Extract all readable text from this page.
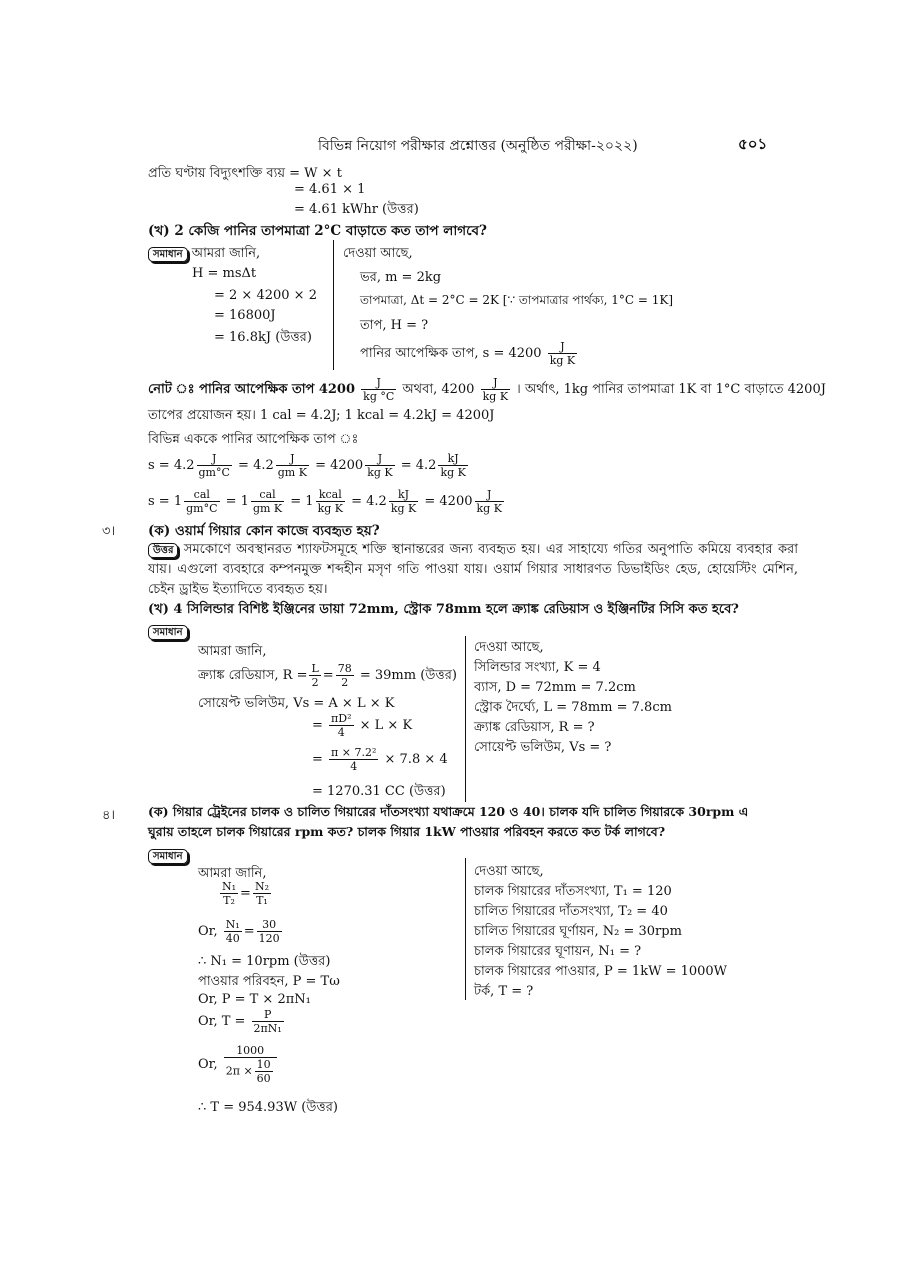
বিভিন্ন নিয়োগ পরীক্ষার প্রশ্নোত্তর (অনুষ্ঠিত পরীক্ষা-২০২২)	৫০১
প্রতি ঘণ্টায় বিদ্যুৎশক্তি ব্যয় = W × t
= 4.61 × 1
= 4.61 kWhr (উত্তর)
(খ) 2 কেজি পানির তাপমাত্রা 2°C বাড়াতে কত তাপ লাগবে?
সমাধান আমরা জানি,
H = msΔt
= 2 × 4200 × 2
= 16800J
= 16.8kJ (উত্তর)
দেওয়া আছে,
ভর, m = 2kg
তাপমাত্রা, Δt = 2°C = 2K [∵ তাপমাত্রার পার্থক্য, 1°C = 1K]
তাপ, H = ?
পানির আপেক্ষিক তাপ, $s = 4200 \frac{J}{\text{kg K}}$
নোট ঃ পানির আপেক্ষিক তাপ $4200 \frac{J}{kg ^\circ C}$ অথবা, $4200 \frac{J}{\text{kg K}}$ । অর্থাৎ, 1kg পানির তাপমাত্রা 1K বা 1°C বাড়াতে 4200J
তাপের প্রয়োজন হয়। 1 cal = 4.2J; 1 kcal = 4.2kJ = 4200J
বিভিন্ন এককে পানির আপেক্ষিক তাপ ঃ
$s = 4.2 \frac{J}{gm^\circ C} = 4.2 \frac{J}{\text{gm K}} = 4200 \frac{J}{\text{kg K}} = 4.2 \frac{kJ}{\text{kg K}}$
$s = 1 \frac{\text{cal}}{gm^\circ C} = 1 \frac{\text{cal}}{\text{gm K}} = 1 \frac{\text{kcal}}{\text{kg K}} = 4.2 \frac{kJ}{\text{kg K}} = 4200 \frac{J}{\text{kg K}}$
৩। (ক) ওয়ার্ম গিয়ার কোন কাজে ব্যবহৃত হয়?
উত্তর সমকোণে অবস্থানরত শ্যাফটসমূহে শক্তি স্থানান্তরের জন্য ব্যবহৃত হয়। এর সাহায্যে গতির অনুপাতি কমিয়ে ব্যবহার করা যায়। এগুলো ব্যবহারে কম্পনমুক্ত শব্দহীন মসৃণ গতি পাওয়া যায়। ওয়ার্ম গিয়ার সাধারণত ডিভাইডিং হেড, হোয়েস্টিং মেশিন, চেইন ড্রাইভ ইত্যাদিতে ব্যবহৃত হয়।
(খ) 4 সিলিন্ডার বিশিষ্ট ইঞ্জিনের ডায়া 72mm, স্ট্রোক 78mm হলে ক্র্যাঙ্ক রেডিয়াস ও ইঞ্জিনটির সিসি কত হবে?
সমাধান
আমরা জানি,
ক্র্যাঙ্ক রেডিয়াস, $R = \frac{L}{2} = \frac{78}{2} = 39mm$ (উত্তর)
সোয়েপ্ট ভলিউম, Vs = A × L × K
= $\frac{\text{πD²}}{4} \times L \times K$
= $\frac{\text{π × 7.2²}}{4} \times 7.8 \times 4$
= 1270.31 CC (উত্তর)
দেওয়া আছে,
সিলিন্ডার সংখ্যা, K = 4
ব্যাস, D = 72mm = 7.2cm
স্ট্রোক দৈর্ঘ্যে, L = 78mm = 7.8cm
ক্র্যাঙ্ক রেডিয়াস, R = ?
সোয়েপ্ট ভলিউম, Vs = ?
৪।	(ক) গিয়ার ট্রেইনের চালক ও চালিত গিয়ারের দাঁতসংখ্যা যথাক্রমে 120 ও 40। চালক যদি চালিত গিয়ারকে 30rpm এ
ঘুরায় তাহলে চালক গিয়ারের rpm কত? চালক গিয়ার 1kW পাওয়ার পরিবহন করতে কত টর্ক লাগবে?
সমাধান
আমরা জানি,
$\frac{\text{N₁}}{\text{T₂}} = \frac{\text{N₂}}{\text{T₁}}$
Or, $\frac{\text{N₁}}{40} = \frac{30}{120}$
∴ N₁ = 10rpm (উত্তর)
পাওয়ার পরিবহন, P = Tω
Or, P = T × 2πN₁
Or, $T = \frac{P}{\text{2πN₁}}$
Or, $\frac{1000}{2\pi \times \frac{10}{60}}$
∴ T = 954.93W (উত্তর)
দেওয়া আছে,
চালক গিয়ারের দাঁতসংখ্যা, T₁ = 120
চালিত গিয়ারের দাঁতসংখ্যা, T₂ = 40
চালিত গিয়ারের ঘূর্ণায়ন, N₂ = 30rpm
চালক গিয়ারের ঘূণায়ন, N₁ = ?
চালক গিয়ারের পাওয়ার, P = 1kW = 1000W
টর্ক, T = ?
